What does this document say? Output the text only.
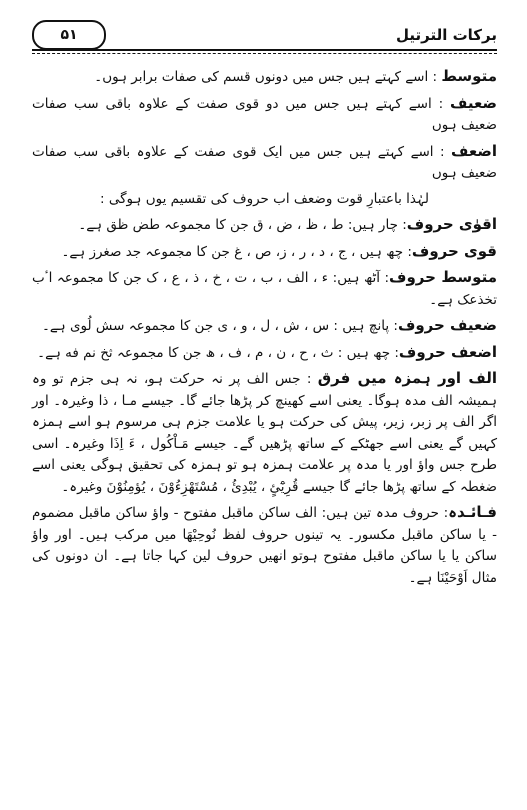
برکات الترتیل
۵۱

متوسط : اسے کہتے ہیں جس میں دونوں قسم کی صفات برابر ہوں۔

ضعیف : اسے کہتے ہیں جس میں دو قوی صفت کے علاوہ باقی سب صفات ضعیف ہوں

اضعف : اسے کہتے ہیں جس میں ایک قوی صفت کے علاوہ باقی سب صفات ضعیف ہوں

لہٰذا باعتبارِ قوت وضعف اب حروف کی تقسیم یوں ہوگی :

اقوٰی حروف: چار ہیں: ط ، ظ ، ض ، ق جن کا مجموعہ طض ظق ہے۔

قوی حروف: چھ ہیں ، ج ، د ، ر ، ز، ص ، غ جن کا مجموعہ جد صغرز ہے۔

متوسط حروف: آٹھ ہیں: ء ، الف ، ب ، ت ، خ ، ذ ، ع ، ک جن کا مجموعہ اٴب تخذعک ہے۔

ضعیف حروف: پانچ ہیں : س ، ش ، ل ، و ، ی جن کا مجموعہ سش لُوی ہے۔

اضعف حروف: چھ ہیں : ث ، ح ، ن ، م ، ف ، ھ جن کا مجموعہ ثخ نم فه ہے۔

الف اور ہمزہ میں فرق : جس الف پر نہ حرکت ہو، نہ ہی جزم تو وہ ہمیشہ الف مدہ ہوگا۔ یعنی اسے کھینچ کر پڑھا جائے گا۔ جیسے مـا ، ذا وغیرہ۔ اور اگر الف پر زبر، زیر، پیش کی حرکت ہو یا علامت جزم ہی مرسوم ہو اسے ہمزہ کہیں گے یعنی اسے جھٹکے کے ساتھ پڑھیں گے۔ جیسے مَـاْکُول ، ءَ اِذَا وغیرہ۔ اسی طرح جس واؤ اور یا مدہ پر علامت ہمزہ ہو تو ہمزہ کی تحقیق ہوگی یعنی اسے ضغطہ کے ساتھ پڑھا جائے گا جیسے قُرِیْٓئٍ ، یُبْدِیُٔ ، مُسْتَھْزِءُوْنَ ، یُؤمِنُوْنَ وغیرہ۔

فـائـدہ: حروف مدہ تین ہیں: الف ساکن ماقبل مفتوح - واؤ ساکن ماقبل مضموم - یا ساکن ماقبل مکسور۔ یہ تینوں حروف لفظ نُوحِیْهَا میں مرکب ہیں۔ اور واؤ ساکن یا یا ساکن ماقبل مفتوح ہوتو انھیں حروف لین کہا جاتا ہے۔ ان دونوں کی مثال اَوْحَیْنَا ہے۔
